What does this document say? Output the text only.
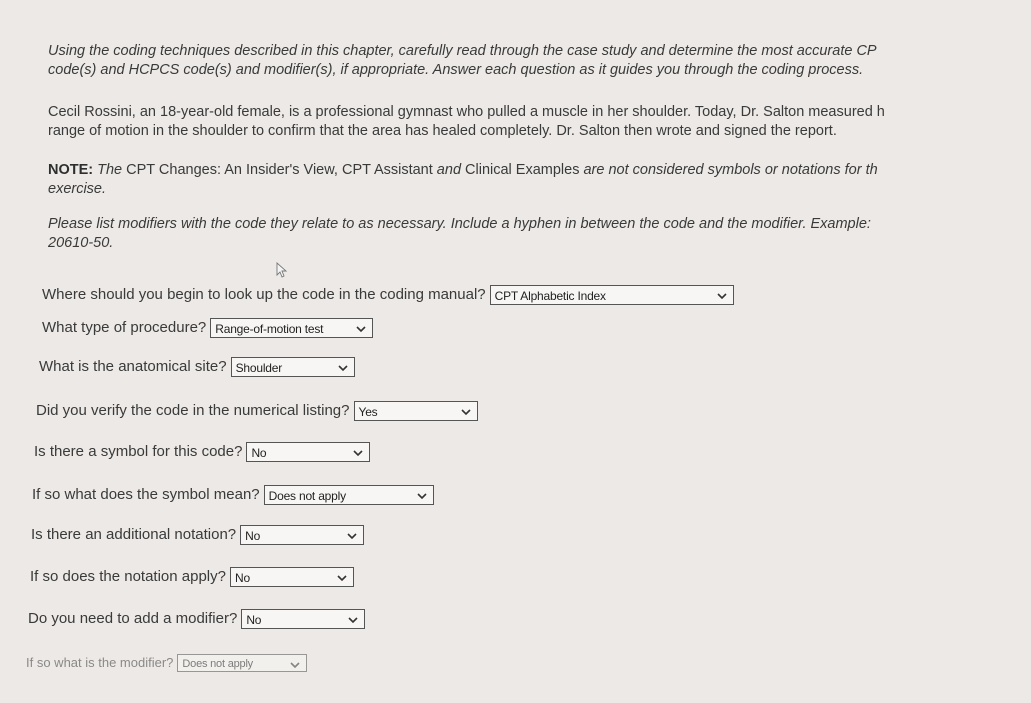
Using the coding techniques described in this chapter, carefully read through the case study and determine the most accurate CP
code(s) and HCPCS code(s) and modifier(s), if appropriate. Answer each question as it guides you through the coding process.
Cecil Rossini, an 18-year-old female, is a professional gymnast who pulled a muscle in her shoulder. Today, Dr. Salton measured h
range of motion in the shoulder to confirm that the area has healed completely. Dr. Salton then wrote and signed the report.
NOTE: The CPT Changes: An Insider's View, CPT Assistant and Clinical Examples are not considered symbols or notations for th
exercise.
Please list modifiers with the code they relate to as necessary. Include a hyphen in between the code and the modifier. Example:
20610-50.
Where should you begin to look up the code in the coding manual? CPT Alphabetic Index
What type of procedure? Range-of-motion test
What is the anatomical site? Shoulder
Did you verify the code in the numerical listing? Yes
Is there a symbol for this code? No
If so what does the symbol mean? Does not apply
Is there an additional notation? No
If so does the notation apply? No
Do you need to add a modifier? No
If so what is the modifier? Does not apply
